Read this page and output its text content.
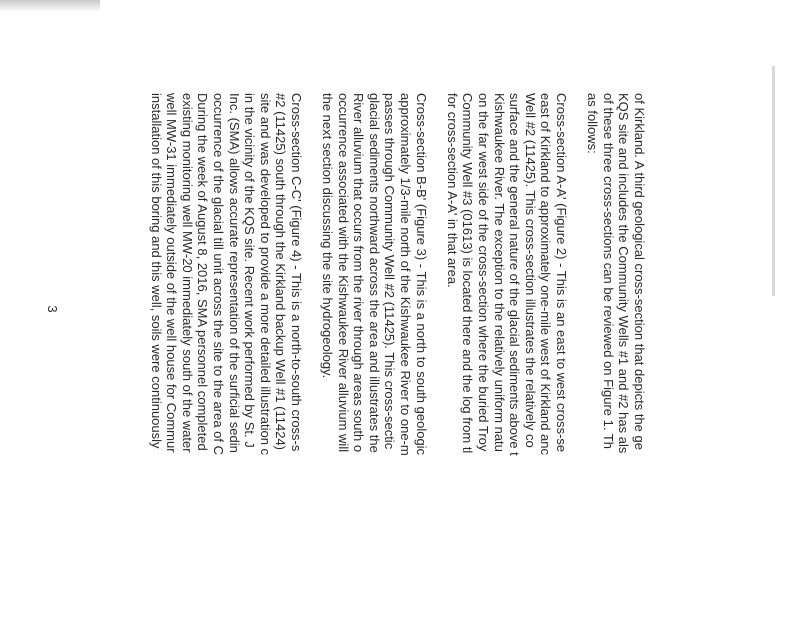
of Kirkland. A third geological cross-section that depicts the ge
KQS site and includes the Community Wells #1 and #2 has als
of these three cross-sections can be reviewed on Figure 1. Th
as follows:
Cross-section A-A' (Figure 2) - This is an east to west cross-se
east of Kirkland to approximately one-mile west of Kirkland anc
Well #2 (11425). This cross-section illustrates the relatively co
surface and the general nature of the glacial sediments above t
Kishwaukee River. The exception to the relatively uniform natu
on the far west side of the cross-section where the buried Troy
Community Well #3 (01613) is located there and the log from tl
for cross-section A-A' in that area.
Cross-section B-B' (Figure 3) - This is a north to south geologic
approximately 1/3-mile north of the Kishwaukee River to one-m
passes through Community Well #2 (11425). This cross-sectic
glacial sediments northward across the area and illustrates the
River alluvium that occurs from the river through areas south o
occurrence associated with the Kishwaukee River alluvium will
the next section discussing the site hydrogeology.
Cross-section C-C' (Figure 4) - This is a north-to-south cross-s
#2 (11425) south through the Kirkland backup Well #1 (11424)
site and was developed to provide a more detailed illustration c
in the vicinity of the KQS site. Recent work performed by St. J
Inc. (SMA) allows accurate representation of the surficial sedin
occurrence of the glacial till unit across the site to the area of C
During the week of August 8, 2016, SMA personnel completed
existing monitoring well MW-20 immediately south of the water
well MW-31 immediately outside of the well house for Commur
installation of this boring and this well, soils were continuously
3
